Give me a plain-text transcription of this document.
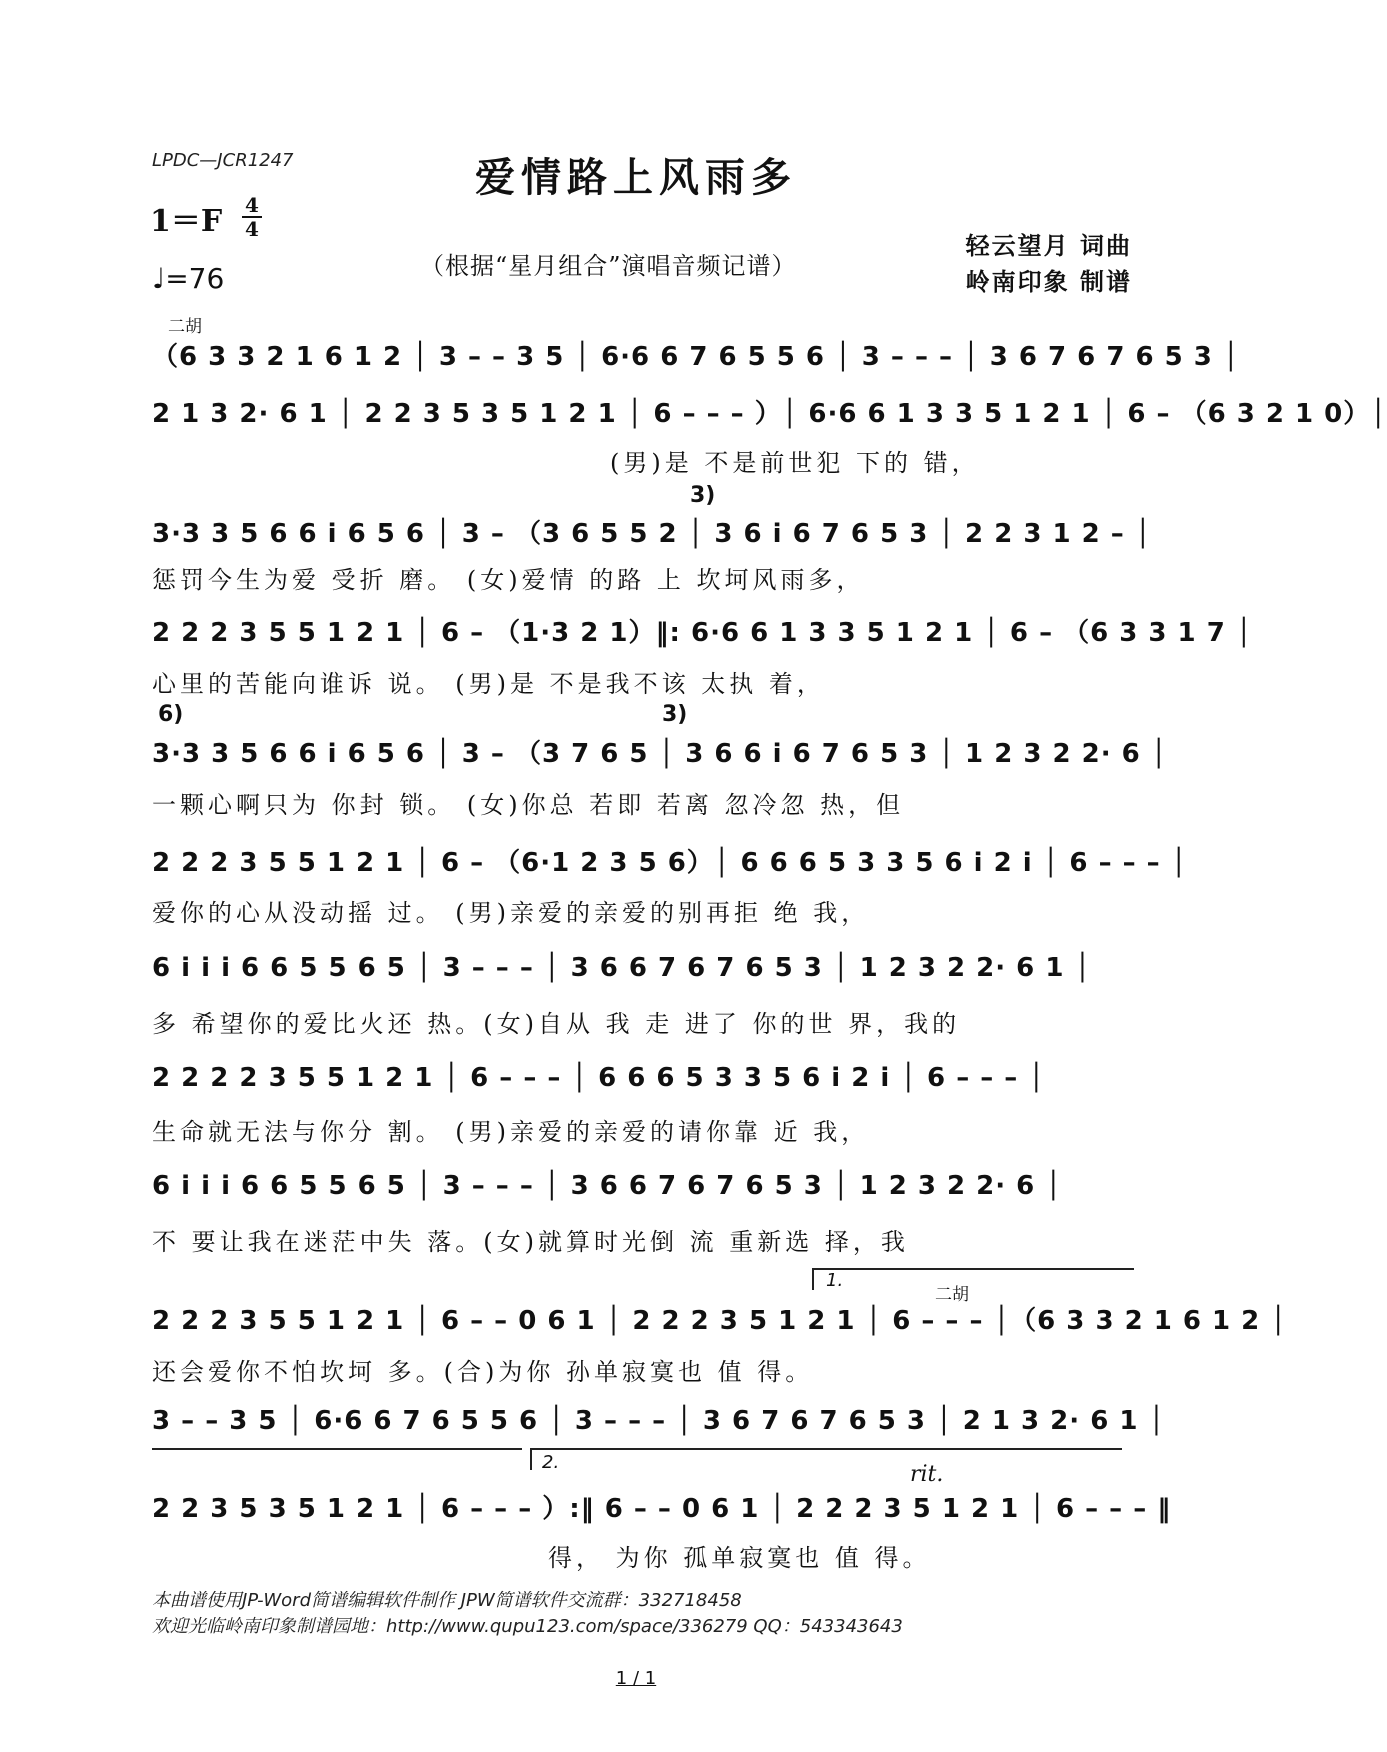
LPDC—JCR1247	爱情路上风雨多
1＝F 4
4
♩=76	（根据“星月组合”演唱音频记谱）
轻云望月 词曲
岭南印象 制谱
二胡
（6 3 3 2 1 6 1 2 │ 3 – – 3 5 │ 6·6 6 7 6 5 5 6 │ 3 – – – │ 3 6 7 6 7 6 5 3 │
2 1 3 2· 6 1 │ 2 2 3 5 3 5 1 2 1 │ 6 – – – ）│ 6·6 6 1 3 3 5 1 2 1 │ 6 – （6 3 2 1 0）│
(男)是 不是前世犯 下的 错，
3)
3·3 3 5 6 6 i 6 5 6 │ 3 – （3 6 5 5 2 │ 3 6 i 6 7 6 5 3 │ 2 2 3 1 2 – │
惩罚今生为爱 受折 磨。 (女)爱情 的路 上 坎坷风雨多，
2 2 2 3 5 5 1 2 1 │ 6 – （1·3 2 1）‖: 6·6 6 1 3 3 5 1 2 1 │ 6 – （6 3 3 1 7 │
心里的苦能向谁诉 说。 (男)是 不是我不该 太执 着，
6)	3)
3·3 3 5 6 6 i 6 5 6 │ 3 – （3 7 6 5 │ 3 6 6 i 6 7 6 5 3 │ 1 2 3 2 2· 6 │
一颗心啊只为 你封 锁。 (女)你总 若即 若离 忽冷忽 热，但
2 2 2 3 5 5 1 2 1 │ 6 – （6·1 2 3 5 6）│ 6 6 6 5 3 3 5 6 i 2 i │ 6 – – – │
爱你的心从没动摇 过。 (男)亲爱的亲爱的别再拒 绝 我，
6 i i i 6 6 5 5 6 5 │ 3 – – – │ 3 6 6 7 6 7 6 5 3 │ 1 2 3 2 2· 6 1 │
多 希望你的爱比火还 热。(女)自从 我 走 进了 你的世 界，我的
2 2 2 2 3 5 5 1 2 1 │ 6 – – – │ 6 6 6 5 3 3 5 6 i 2 i │ 6 – – – │
生命就无法与你分 割。 (男)亲爱的亲爱的请你靠 近 我，
6 i i i 6 6 5 5 6 5 │ 3 – – – │ 3 6 6 7 6 7 6 5 3 │ 1 2 3 2 2· 6 │
不 要让我在迷茫中失 落。(女)就算时光倒 流 重新选 择，我
1.
二胡
2 2 2 3 5 5 1 2 1 │ 6 – – 0 6 1 │ 2 2 2 3 5 1 2 1 │ 6 – – – │（6 3 3 2 1 6 1 2 │
还会爱你不怕坎坷 多。(合)为你 孙单寂寞也 值 得。
3 – – 3 5 │ 6·6 6 7 6 5 5 6 │ 3 – – – │ 3 6 7 6 7 6 5 3 │ 2 1 3 2· 6 1 │
2.	rit.
2 2 3 5 3 5 1 2 1 │ 6 – – – ）:‖ 6 – – 0 6 1 │ 2 2 2 3 5 1 2 1 │ 6 – – – ‖
得， 为你 孤单寂寞也 值 得。
本曲谱使用JP-Word简谱编辑软件制作 JPW简谱软件交流群：332718458
欢迎光临岭南印象制谱园地：http://www.qupu123.com/space/336279 QQ：543343643
1 / 1
